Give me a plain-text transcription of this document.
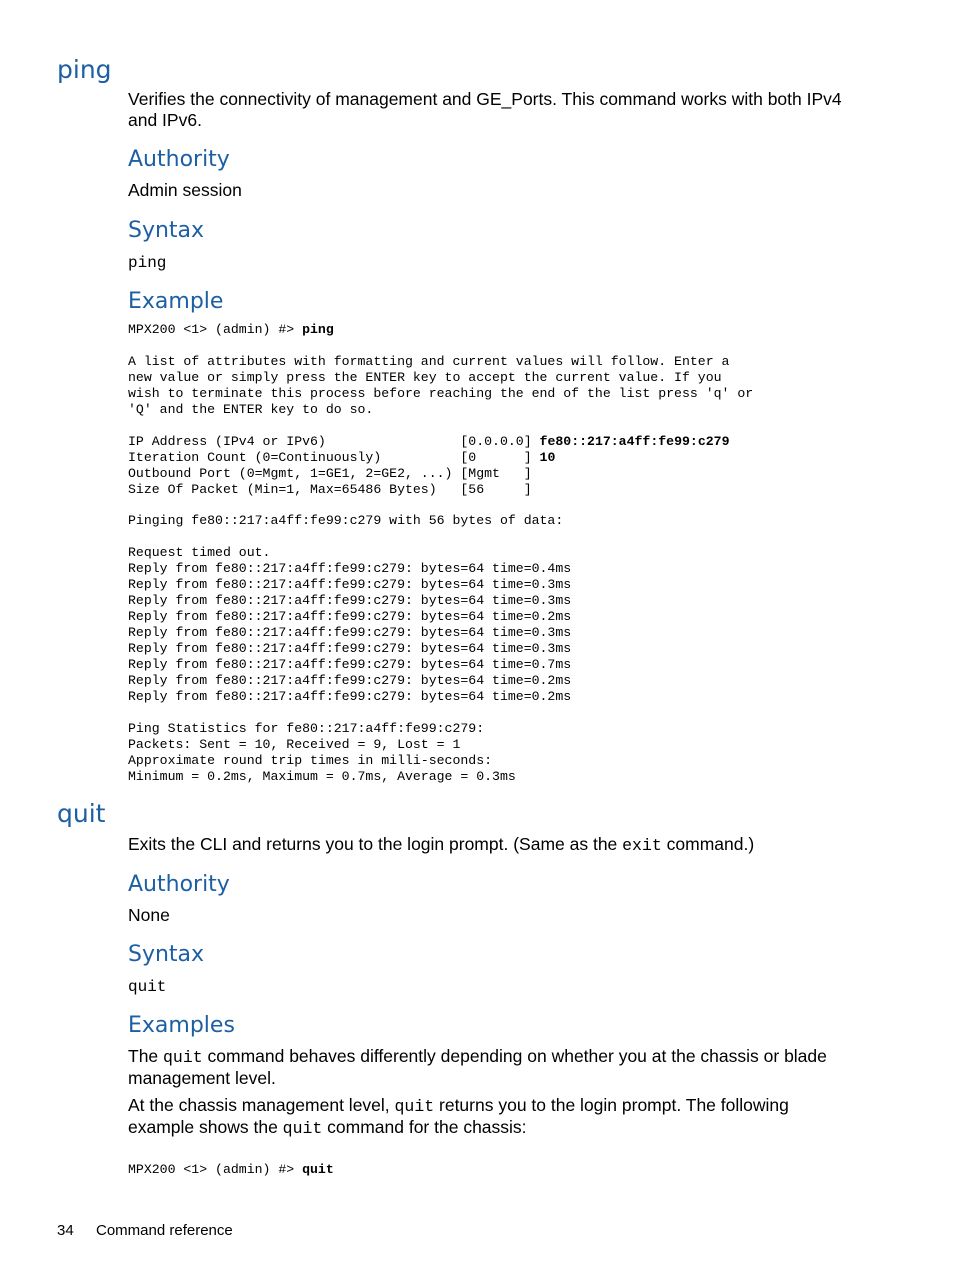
ping

Verifies the connectivity of management and GE_Ports. This command works with both IPv4 and IPv6.

Authority

Admin session

Syntax
ping
Example
MPX200 <1> (admin) #> ping

A list of attributes with formatting and current values will follow. Enter a
new value or simply press the ENTER key to accept the current value. If you
wish to terminate this process before reaching the end of the list press 'q' or
'Q' and the ENTER key to do so.

IP Address (IPv4 or IPv6)                 [0.0.0.0] fe80::217:a4ff:fe99:c279
Iteration Count (0=Continuously)          [0      ] 10
Outbound Port (0=Mgmt, 1=GE1, 2=GE2, ...) [Mgmt   ]
Size Of Packet (Min=1, Max=65486 Bytes)   [56     ]

Pinging fe80::217:a4ff:fe99:c279 with 56 bytes of data:

Request timed out.
Reply from fe80::217:a4ff:fe99:c279: bytes=64 time=0.4ms
Reply from fe80::217:a4ff:fe99:c279: bytes=64 time=0.3ms
Reply from fe80::217:a4ff:fe99:c279: bytes=64 time=0.3ms
Reply from fe80::217:a4ff:fe99:c279: bytes=64 time=0.2ms
Reply from fe80::217:a4ff:fe99:c279: bytes=64 time=0.3ms
Reply from fe80::217:a4ff:fe99:c279: bytes=64 time=0.3ms
Reply from fe80::217:a4ff:fe99:c279: bytes=64 time=0.7ms
Reply from fe80::217:a4ff:fe99:c279: bytes=64 time=0.2ms
Reply from fe80::217:a4ff:fe99:c279: bytes=64 time=0.2ms

Ping Statistics for fe80::217:a4ff:fe99:c279:
Packets: Sent = 10, Received = 9, Lost = 1
Approximate round trip times in milli-seconds:
Minimum = 0.2ms, Maximum = 0.7ms, Average = 0.3ms
quit

Exits the CLI and returns you to the login prompt. (Same as the exit command.)

Authority

None

Syntax
quit
Examples

The quit command behaves differently depending on whether you at the chassis or blade management level.

At the chassis management level, quit returns you to the login prompt. The following example shows the quit command for the chassis:

MPX200 <1> (admin) #> quit
34 Command reference
